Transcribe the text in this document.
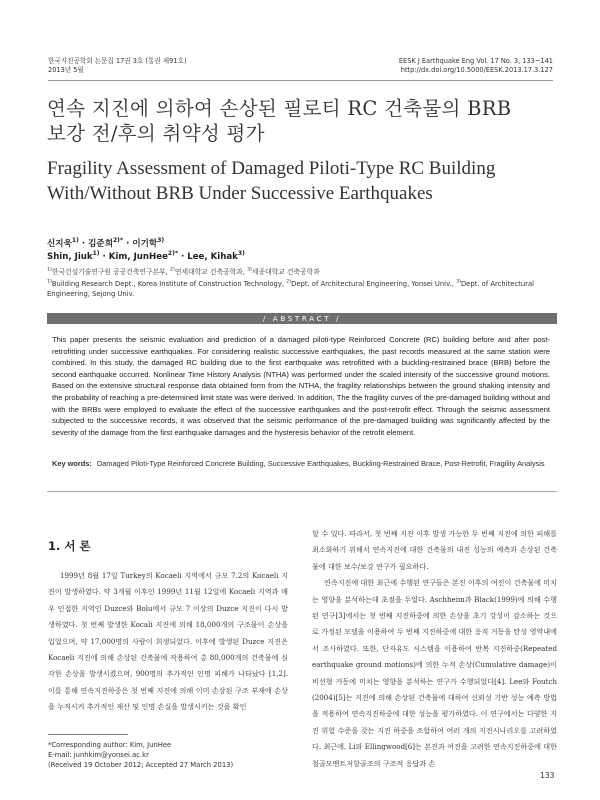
한국지진공학회 논문집 17권 3호 (통권 제91호)
2013년 5월
EESK J Earthquake Eng Vol. 17 No. 3, 133~141
http://dx.doi.org/10.5000/EESK.2013.17.3.127
연속 지진에 의하여 손상된 필로티 RC 건축물의 BRB
보강 전/후의 취약성 평가
Fragility Assessment of Damaged Piloti-Type RC Building
With/Without BRB Under Successive Earthquakes
신지욱$^{1)}$ · 김준희$^{2)*}$ · 이기학$^{3)}$
Shin, Jiuk$^{1)}$ · Kim, JunHee$^{2)*}$ · Lee, Kihak$^{3)}$
$^{1)}$한국건설기술연구원 공공건축연구본부, $^{2)}$연세대학교 건축공학과, $^{3)}$세종대학교 건축공학과
$^{1)}$Building Research Dept., Korea Institute of Construction Technology, $^{2)}$Dept. of Architectural Engineering, Yonsei Univ., $^{3)}$Dept. of Architectural Engineering, Sejong Univ.
/ ABSTRACT /
This paper presents the seismic evaluation and prediction of a damaged piloti-type Reinforced Concrete (RC) building before and after post-retrofitting under successive earthquakes. For considering realistic successive earthquakes, the past records measured at the same station were combined. In this study, the damaged RC building due to the first earthquake was retrofitted with a buckling-restrained brace (BRB) before the second earthquake occurred. Nonlinear Time History Analysis (NTHA) was performed under the scaled intensity of the successive ground motions. Based on the extensive structural response data obtained form from the NTHA, the fragility relationships between the ground shaking intensity and the probability of reaching a pre-determined limit state was were derived. In addition, The the fragility curves of the pre-damaged building without and with the BRBs were employed to evaluate the effect of the successive earthquakes and the post-retrofit effect. Through the seismic assessment subjected to the successive records, it was observed that the seismic performance of the pre-damaged building was significantly affected by the severity of the damage from the first earthquake damages and the hysteresis behavior of the retrofit element.
Key words: Damaged Piloti-Type Reinforced Concrete Building, Successive Earthquakes, Buckling-Restrained Brace, Post-Retrofit, Fragility Analysis
1. 서 론

1999년 8월 17일 Turkey의 Kocaeli 지역에서 규모 7.2의 Kocaeli 지진이 발생하였다. 약 3개월 이후인 1999년 11월 12일에 Kocaeli 지역과 매우 인접한 지역인 Duzce와 Bolu에서 규모 7 이상의 Duzce 지진이 다시 발생하였다. 첫 번째 발생한 Kocali 지진에 의해 18,000개의 구조물이 손상을 입었으며, 약 17,000명의 사람이 희생되었다. 이후에 발생된 Duzce 지진은 Kocaeli 지진에 의해 손상된 건축물에 작용하여 총 80,000개의 건축물에 심각한 손상을 발생시켰으며, 900명의 추가적인 인명 피해가 나타났다 [1,2]. 이를 통해 연속지진하중은 첫 번째 지진에 의해 이미 손상된 구조 부재에 손상을 누적시켜 추가적인 재산 및 인명 손실을 발생시키는 것을 확인

할 수 있다. 따라서, 첫 번째 지진 이후 발생 가능한 두 번째 지진에 의한 피해를 최소화하기 위해서 연속지진에 대한 건축물의 내진 성능의 예측과 손상된 건축물에 대한 보수/보강 연구가 필요하다.

연속지진에 대한 최근에 수행된 연구들은 본진 이후의 여진이 건축물에 미치는 영향을 분석하는데 초점을 두었다. Aschheim과 Black(1999)에 의해 수행된 연구[3]에서는 첫 번째 지진하중에 의한 손상을 초기 강성이 감소하는 것으로 가정된 모델을 이용하여 두 번째 지진하중에 대한 응직 거동을 탄성 영역내에서 조사하였다. 또한, 단자유도 시스템을 이용하여 반복 지진하중(Repeated earthquake ground motions)에 의한 누적 손상(Cumulative damage)이 비선형 거동에 미치는 영향을 분석하는 연구가 수행되었다[4]. Lee와 Foutch (2004)[5]는 지진에 의해 손상된 건축물에 대하여 신뢰성 기반 성능 예측 방법을 적용하여 연속지진하중에 대한 성능을 평가하였다. 이 연구에서는 다양한 지진 위험 수준을 갖는 지진 하중을 조합하여 여러 개의 지진시나리오를 고려하였다. 최근에, Li와 Ellingwood[6]는 본진과 여진을 고려한 연속지진하중에 대한 철골모멘트저항골조의 구조적 응답과 손

*Corresponding author: Kim, JunHee
E-mail: junhkim@yonsei.ac.kr
(Received 19 October 2012; Accepted 27 March 2013)
133
